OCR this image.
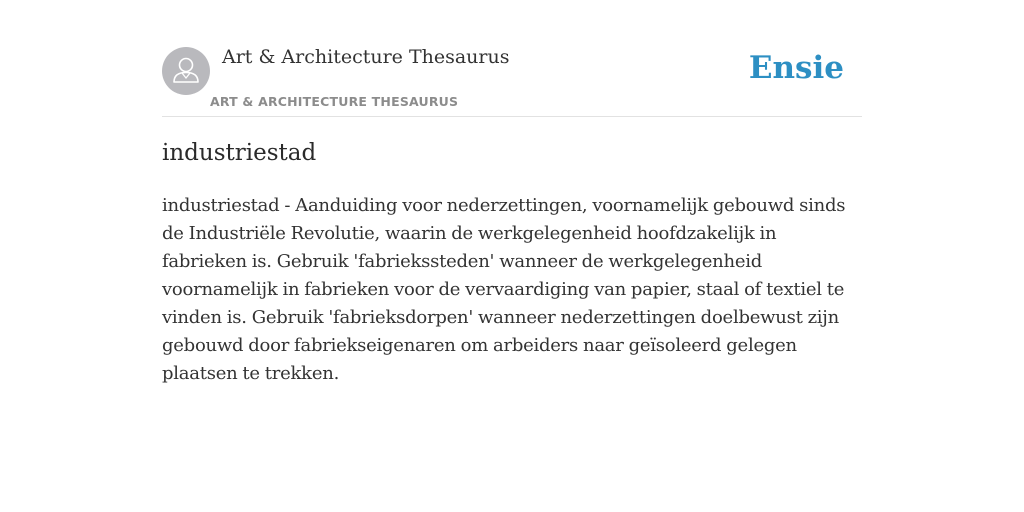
Art & Architecture Thesaurus
ART & ARCHITECTURE THESAURUS
Ensie
industriestad

industriestad - Aanduiding voor nederzettingen, voornamelijk gebouwd sinds de Industriële Revolutie, waarin de werkgelegenheid hoofdzakelijk in fabrieken is. Gebruik 'fabriekssteden' wanneer de werkgelegenheid voornamelijk in fabrieken voor de vervaardiging van papier, staal of textiel te vinden is. Gebruik 'fabrieksdorpen' wanneer nederzettingen doelbewust zijn gebouwd door fabriekseigenaren om arbeiders naar geïsoleerd gelegen plaatsen te trekken.
